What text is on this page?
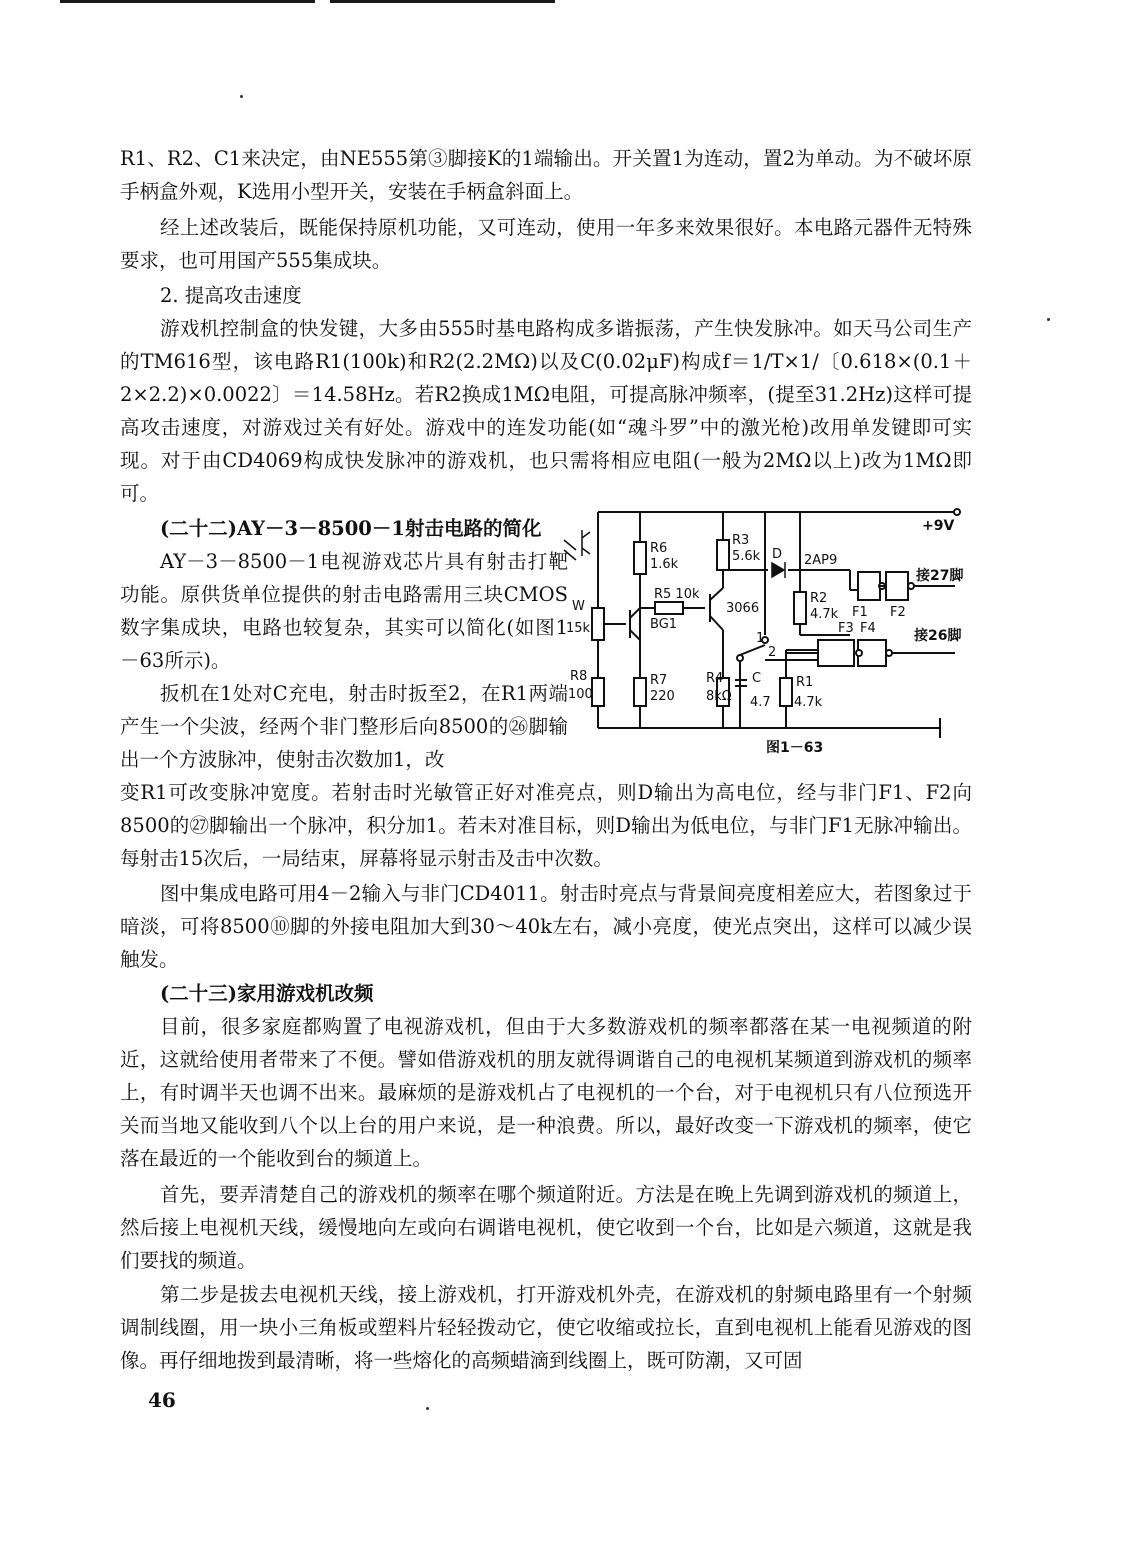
R1、R2、C1来决定，由NE555第③脚接K的1端输出。开关置1为连动，置2为单动。为不破坏原手柄盒外观，K选用小型开关，安装在手柄盒斜面上。

经上述改装后，既能保持原机功能，又可连动，使用一年多来效果很好。本电路元器件无特殊要求，也可用国产555集成块。

2. 提高攻击速度

游戏机控制盒的快发键，大多由555时基电路构成多谐振荡，产生快发脉冲。如天马公司生产的TM616型，该电路R1(100k)和R2(2.2MΩ)以及C(0.02μF)构成f＝1/T×1/〔0.618×(0.1＋2×2.2)×0.0022〕＝14.58Hz。若R2换成1MΩ电阻，可提高脉冲频率，(提至31.2Hz)这样可提高攻击速度，对游戏过关有好处。游戏中的连发功能(如“魂斗罗”中的激光枪)改用单发键即可实现。对于由CD4069构成快发脉冲的游戏机，也只需将相应电阻(一般为2MΩ以上)改为1MΩ即可。

(二十二)AY－3－8500－1射击电路的简化

AY－3－8500－1电视游戏芯片具有射击打靶功能。原供货单位提供的射击电路需用三块CMOS数字集成块，电路也较复杂，其实可以简化(如图1－63所示)。

扳机在1处对C充电，射击时扳至2，在R1两端产生一个尖波，经两个非门整形后向8500的㉖脚输出一个方波脉冲，使射击次数加1，改

变R1可改变脉冲宽度。若射击时光敏管正好对准亮点，则D输出为高电位，经与非门F1、F2向8500的㉗脚输出一个脉冲，积分加1。若未对准目标，则D输出为低电位，与非门F1无脉冲输出。每射击15次后，一局结束，屏幕将显示射击及击中次数。

图中集成电路可用4－2输入与非门CD4011。射击时亮点与背景间亮度相差应大，若图象过于暗淡，可将8500⑩脚的外接电阻加大到30～40k左右，减小亮度，使光点突出，这样可以减少误触发。

(二十三)家用游戏机改频

目前，很多家庭都购置了电视游戏机，但由于大多数游戏机的频率都落在某一电视频道的附近，这就给使用者带来了不便。譬如借游戏机的朋友就得调谐自己的电视机某频道到游戏机的频率上，有时调半天也调不出来。最麻烦的是游戏机占了电视机的一个台，对于电视机只有八位预选开关而当地又能收到八个以上台的用户来说，是一种浪费。所以，最好改变一下游戏机的频率，使它落在最近的一个能收到台的频道上。

首先，要弄清楚自己的游戏机的频率在哪个频道附近。方法是在晚上先调到游戏机的频道上，然后接上电视机天线，缓慢地向左或向右调谐电视机，使它收到一个台，比如是六频道，这就是我们要找的频道。

第二步是拔去电视机天线，接上游戏机，打开游戏机外壳，在游戏机的射频电路里有一个射频调制线圈，用一块小三角板或塑料片轻轻拨动它，使它收缩或拉长，直到电视机上能看见游戏的图像。再仔细地拨到最清晰，将一些熔化的高频蜡滴到线圈上，既可防潮，又可固

46
+9V
接27脚
接26脚
R6
1.6k
R3
5.6k
R5 10k
D 2AP9
3066
R2
4.7k
BG1
W
15k
F1 F2
F3 F4
1
2
R8
100
R7
220
R4
8kΩ
C
4.7
R1
4.7k
图1－63
